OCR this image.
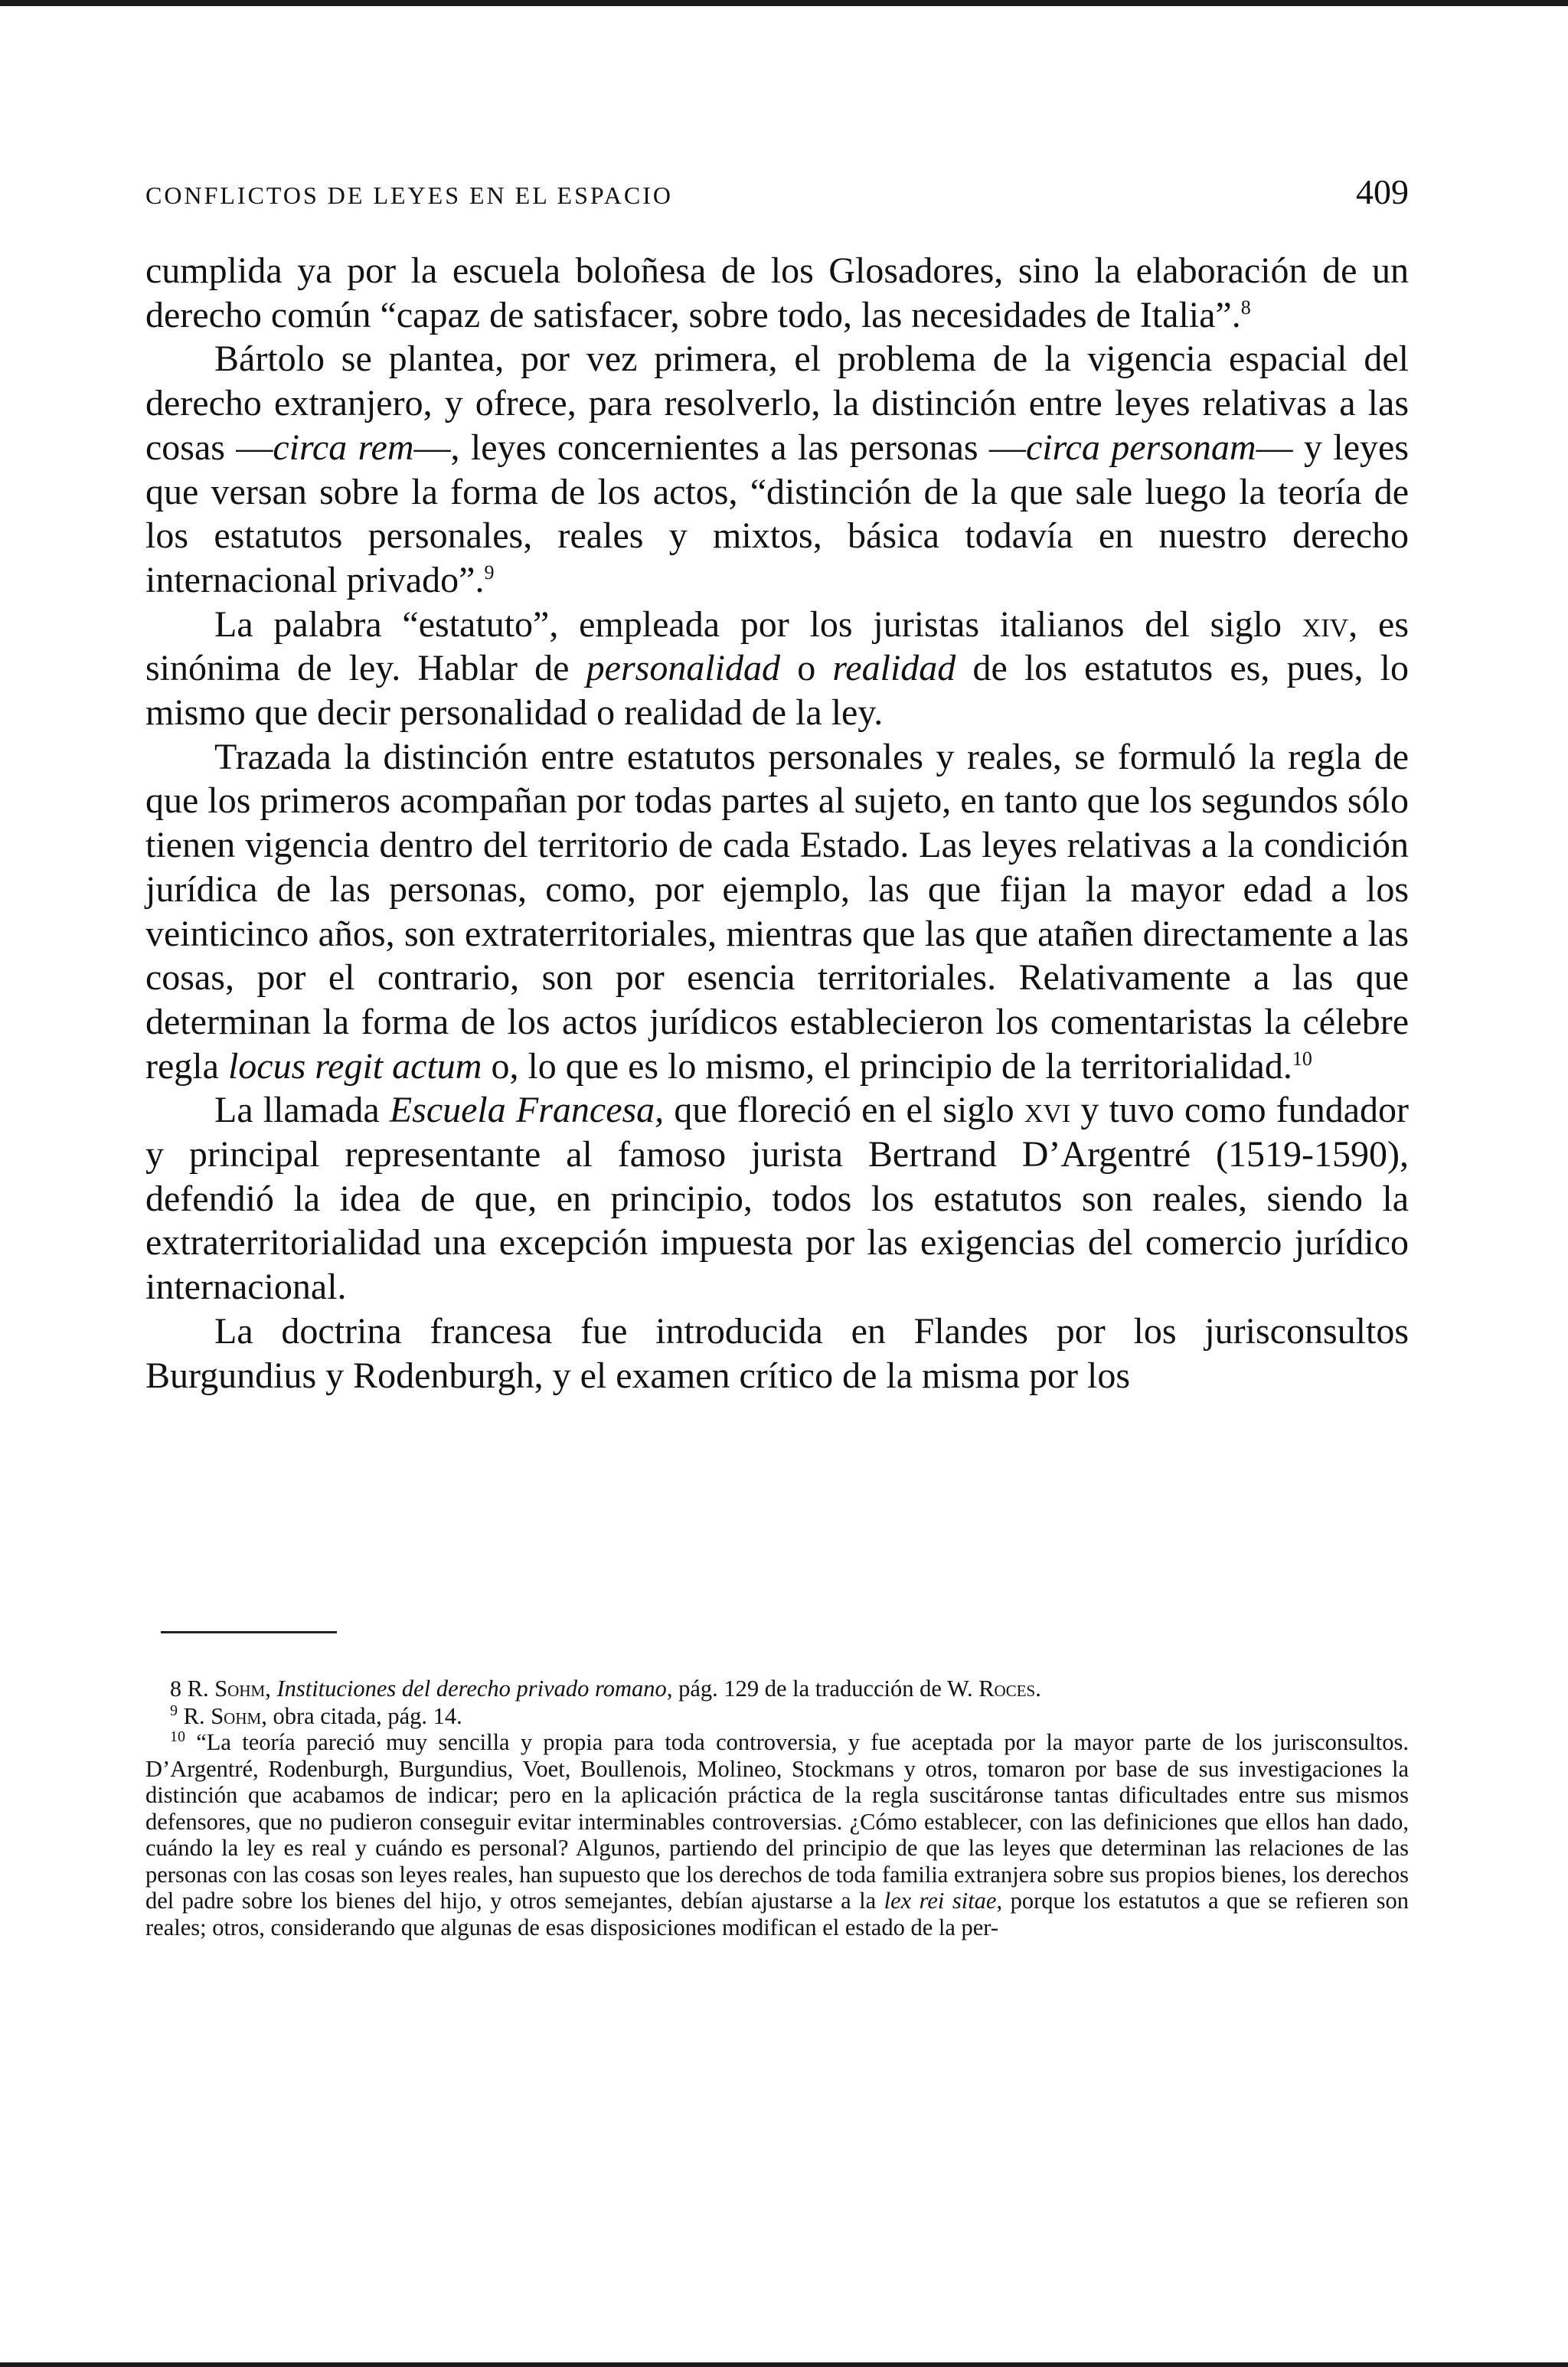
CONFLICTOS DE LEYES EN EL ESPACIO	409

cumplida ya por la escuela boloñesa de los Glosadores, sino la elaboración de un derecho común “capaz de satisfacer, sobre todo, las necesidades de Italia”.$^8$

Bártolo se plantea, por vez primera, el problema de la vigencia espacial del derecho extranjero, y ofrece, para resolverlo, la distinción entre leyes relativas a las cosas —circa rem—, leyes concernientes a las personas —circa personam— y leyes que versan sobre la forma de los actos, “distinción de la que sale luego la teoría de los estatutos personales, reales y mixtos, básica todavía en nuestro derecho internacional privado”.$^9$

La palabra “estatuto”, empleada por los juristas italianos del siglo xiv, es sinónima de ley. Hablar de personalidad o realidad de los estatutos es, pues, lo mismo que decir personalidad o realidad de la ley.

Trazada la distinción entre estatutos personales y reales, se formuló la regla de que los primeros acompañan por todas partes al sujeto, en tanto que los segundos sólo tienen vigencia dentro del territorio de cada Estado. Las leyes relativas a la condición jurídica de las personas, como, por ejemplo, las que fijan la mayor edad a los veinticinco años, son extraterritoriales, mientras que las que atañen directamente a las cosas, por el contrario, son por esencia territoriales. Relativamente a las que determinan la forma de los actos jurídicos establecieron los comentaristas la célebre regla locus regit actum o, lo que es lo mismo, el principio de la territorialidad.$^{10}$

La llamada Escuela Francesa, que floreció en el siglo xvi y tuvo como fundador y principal representante al famoso jurista Bertrand D’Argentré (1519-1590), defendió la idea de que, en principio, todos los estatutos son reales, siendo la extraterritorialidad una excepción impuesta por las exigencias del comercio jurídico internacional.

La doctrina francesa fue introducida en Flandes por los jurisconsultos Burgundius y Rodenburgh, y el examen crítico de la misma por los

8 R. Sohm, Instituciones del derecho privado romano, pág. 129 de la traducción de W. Roces.

$^9$ R. Sohm, obra citada, pág. 14.

$^{10}$ “La teoría pareció muy sencilla y propia para toda controversia, y fue aceptada por la mayor parte de los jurisconsultos. D’Argentré, Rodenburgh, Burgundius, Voet, Boullenois, Molineo, Stockmans y otros, tomaron por base de sus investigaciones la distinción que acabamos de indicar; pero en la aplicación práctica de la regla suscitáronse tantas dificultades entre sus mismos defensores, que no pudieron conseguir evitar interminables controversias. ¿Cómo establecer, con las definiciones que ellos han dado, cuándo la ley es real y cuándo es personal? Algunos, partiendo del principio de que las leyes que determinan las relaciones de las personas con las cosas son leyes reales, han supuesto que los derechos de toda familia extranjera sobre sus propios bienes, los derechos del padre sobre los bienes del hijo, y otros semejantes, debían ajustarse a la lex rei sitae, porque los estatutos a que se refieren son reales; otros, considerando que algunas de esas disposiciones modifican el estado de la per-
